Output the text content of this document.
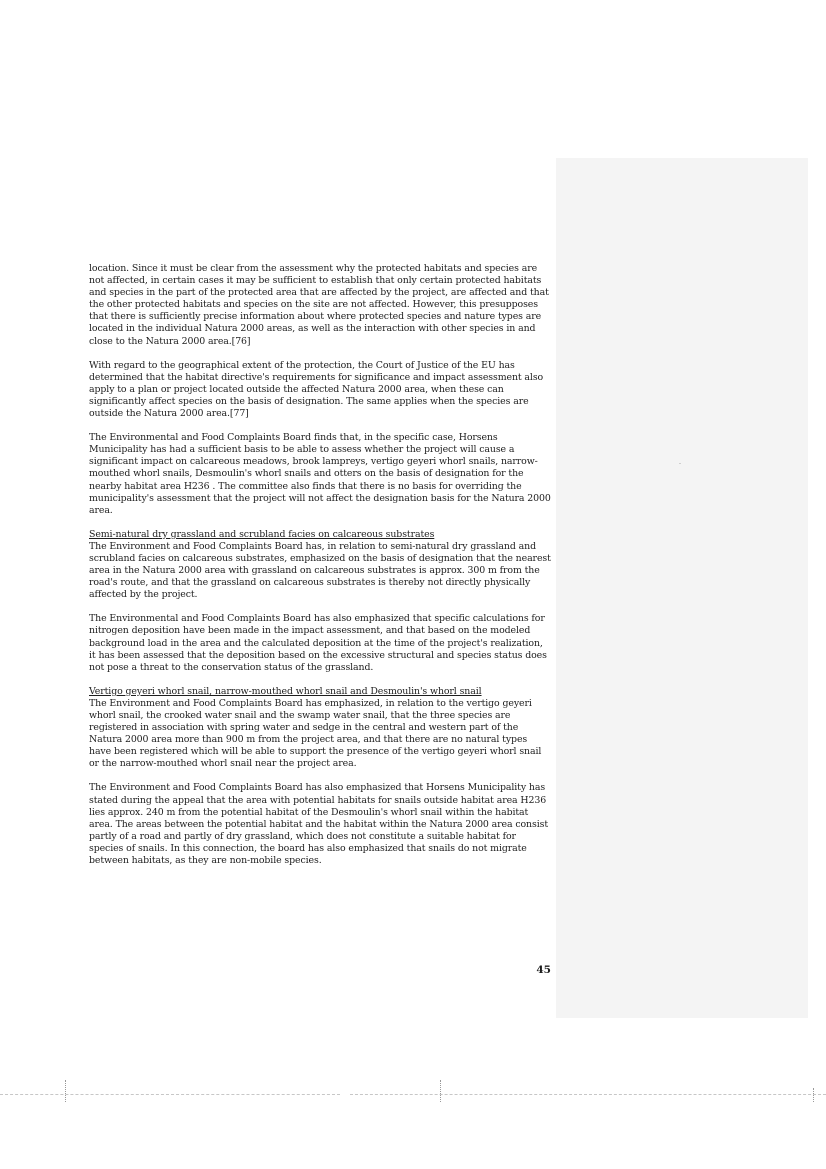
location. Since it must be clear from the assessment why the protected habitats and species are not affected, in certain cases it may be sufficient to establish that only certain protected habitats and species in the part of the protected area that are affected by the project, are affected and that the other protected habitats and species on the site are not affected. However, this presupposes that there is sufficiently precise information about where protected species and nature types are located in the individual Natura 2000 areas, as well as the interaction with other species in and close to the Natura 2000 area.[76]

With regard to the geographical extent of the protection, the Court of Justice of the EU has determined that the habitat directive's requirements for significance and impact assessment also apply to a plan or project located outside the affected Natura 2000 area, when these can significantly affect species on the basis of designation. The same applies when the species are outside the Natura 2000 area.[77]

The Environmental and Food Complaints Board finds that, in the specific case, Horsens Municipality has had a sufficient basis to be able to assess whether the project will cause a significant impact on calcareous meadows, brook lampreys, vertigo geyeri whorl snails, narrow-mouthed whorl snails, Desmoulin's whorl snails and otters on the basis of designation for the nearby habitat area H236 . The committee also finds that there is no basis for overriding the municipality's assessment that the project will not affect the designation basis for the Natura 2000 area.

Semi-natural dry grassland and scrubland facies on calcareous substrates
The Environment and Food Complaints Board has, in relation to semi-natural dry grassland and scrubland facies on calcareous substrates, emphasized on the basis of designation that the nearest area in the Natura 2000 area with grassland on calcareous substrates is approx. 300 m from the road's route, and that the grassland on calcareous substrates is thereby not directly physically affected by the project.

The Environmental and Food Complaints Board has also emphasized that specific calculations for nitrogen deposition have been made in the impact assessment, and that based on the modeled background load in the area and the calculated deposition at the time of the project's realization, it has been assessed that the deposition based on the excessive structural and species status does not pose a threat to the conservation status of the grassland.

Vertigo geyeri whorl snail, narrow-mouthed whorl snail and Desmoulin's whorl snail
The Environment and Food Complaints Board has emphasized, in relation to the vertigo geyeri whorl snail, the crooked water snail and the swamp water snail, that the three species are registered in association with spring water and sedge in the central and western part of the Natura 2000 area more than 900 m from the project area, and that there are no natural types have been registered which will be able to support the presence of the vertigo geyeri whorl snail or the narrow-mouthed whorl snail near the project area.

The Environment and Food Complaints Board has also emphasized that Horsens Municipality has stated during the appeal that the area with potential habitats for snails outside habitat area H236 lies approx. 240 m from the potential habitat of the Desmoulin's whorl snail within the habitat area. The areas between the potential habitat and the habitat within the Natura 2000 area consist partly of a road and partly of dry grassland, which does not constitute a suitable habitat for species of snails. In this connection, the board has also emphasized that snails do not migrate between habitats, as they are non-mobile species.

45
